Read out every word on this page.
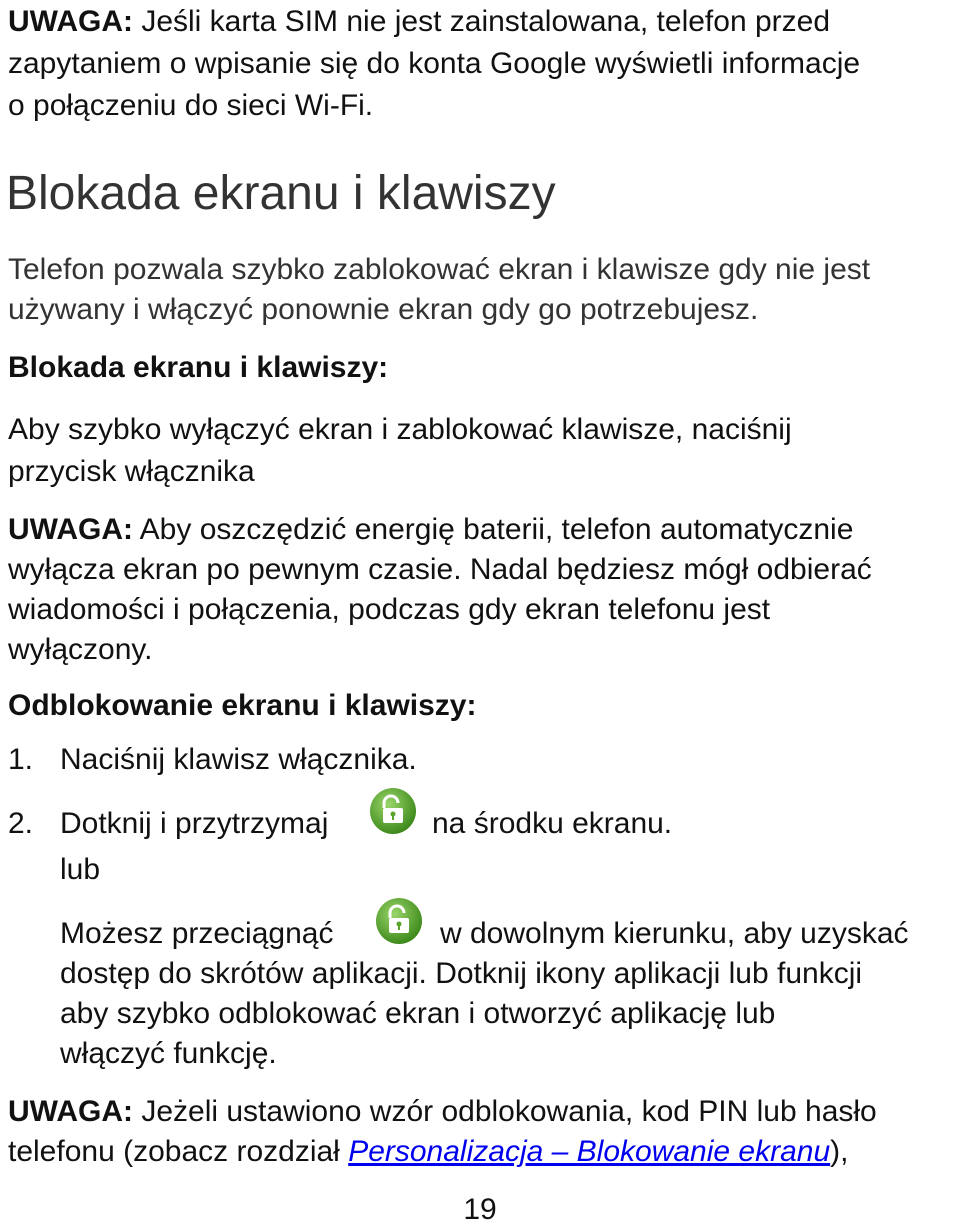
UWAGA: Jeśli karta SIM nie jest zainstalowana, telefon przed
zapytaniem o wpisanie się do konta Google wyświetli informacje
o połączeniu do sieci Wi-Fi.
Blokada ekranu i klawiszy
Telefon pozwala szybko zablokować ekran i klawisze gdy nie jest
używany i włączyć ponownie ekran gdy go potrzebujesz.
Blokada ekranu i klawiszy:
Aby szybko wyłączyć ekran i zablokować klawisze, naciśnij
przycisk włącznika
UWAGA: Aby oszczędzić energię baterii, telefon automatycznie
wyłącza ekran po pewnym czasie. Nadal będziesz mógł odbierać
wiadomości i połączenia, podczas gdy ekran telefonu jest
wyłączony.
Odblokowanie ekranu i klawiszy:
1. Naciśnij klawisz włącznika.
2. Dotknij i przytrzymaj	na środku ekranu.
lub
Możesz przeciągnąć	w dowolnym kierunku, aby uzyskać
dostęp do skrótów aplikacji. Dotknij ikony aplikacji lub funkcji
aby szybko odblokować ekran i otworzyć aplikację lub
włączyć funkcję.
UWAGA: Jeżeli ustawiono wzór odblokowania, kod PIN lub hasło
telefonu (zobacz rozdział Personalizacja – Blokowanie ekranu),
19
